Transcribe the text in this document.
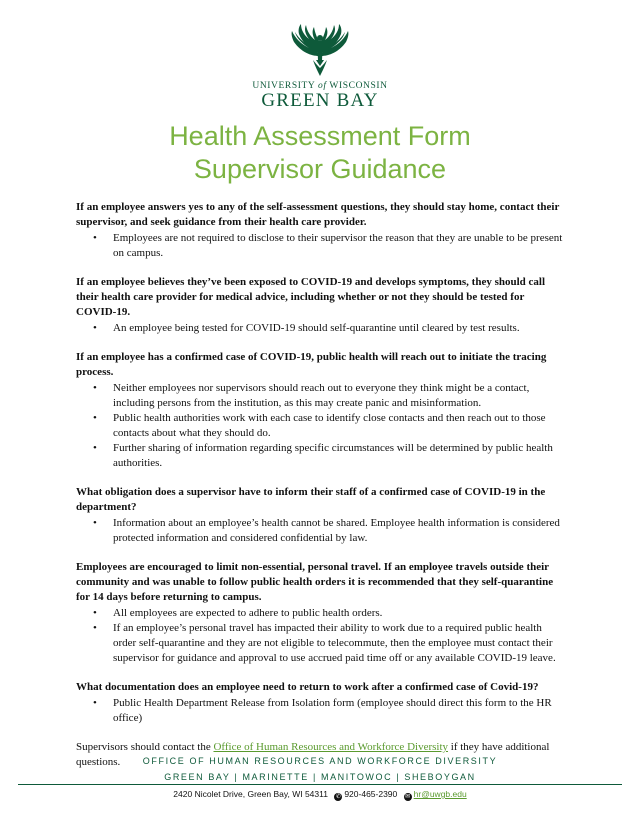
UNIVERSITY of WISCONSIN
GREEN BAY
Health Assessment Form
Supervisor Guidance

If an employee answers yes to any of the self-assessment questions, they should stay home, contact their supervisor, and seek guidance from their health care provider.

• Employees are not required to disclose to their supervisor the reason that they are unable to be present on campus.

If an employee believes they’ve been exposed to COVID-19 and develops symptoms, they should call their health care provider for medical advice, including whether or not they should be tested for COVID-19.

• An employee being tested for COVID-19 should self-quarantine until cleared by test results.

If an employee has a confirmed case of COVID-19, public health will reach out to initiate the tracing process.

• Neither employees nor supervisors should reach out to everyone they think might be a contact, including persons from the institution, as this may create panic and misinformation.
• Public health authorities work with each case to identify close contacts and then reach out to those contacts about what they should do.
• Further sharing of information regarding specific circumstances will be determined by public health authorities.

What obligation does a supervisor have to inform their staff of a confirmed case of COVID-19 in the department?

• Information about an employee’s health cannot be shared. Employee health information is considered protected information and considered confidential by law.

Employees are encouraged to limit non-essential, personal travel. If an employee travels outside their community and was unable to follow public health orders it is recommended that they self-quarantine for 14 days before returning to campus.

• All employees are expected to adhere to public health orders.
• If an employee’s personal travel has impacted their ability to work due to a required public health order self-quarantine and they are not eligible to telecommute, then the employee must contact their supervisor for guidance and approval to use accrued paid time off or any available COVID-19 leave.

What documentation does an employee need to return to work after a confirmed case of Covid-19?

• Public Health Department Release from Isolation form (employee should direct this form to the HR office)

Supervisors should contact the Office of Human Resources and Workforce Diversity if they have additional questions.	OFFICE OF HUMAN RESOURCES AND WORKFORCE DIVERSITY
GREEN BAY | MARINETTE | MANITOWOC | SHEBOYGAN
2420 Nicolet Drive, Green Bay, WI 54311 ✆ 920-465-2390 ✉ hr@uwgb.edu
